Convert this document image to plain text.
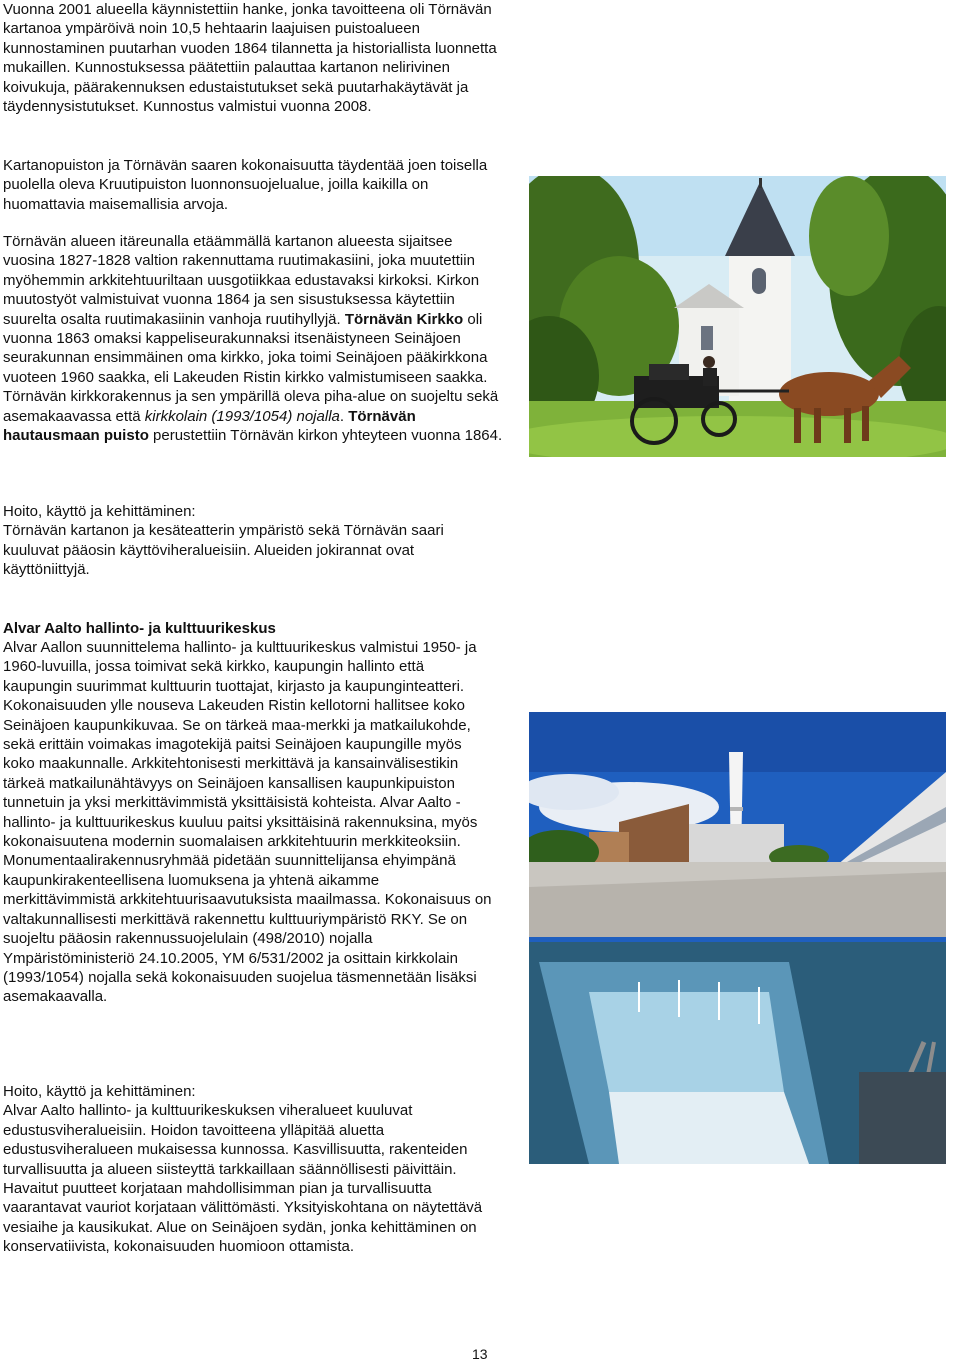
Vuonna 2001 alueella käynnistettiin hanke, jonka tavoitteena oli Törnävän kartanoa ympäröivä noin 10,5 hehtaarin laajuisen puistoalueen kunnostaminen puutarhan vuoden 1864 tilannetta ja historiallista luonnetta mukaillen. Kunnostuksessa päätettiin palauttaa kartanon nelirivinen koivukuja, päärakennuksen edustaistutukset sekä puutarhakäytävät ja täydennysistutukset. Kunnostus valmistui vuonna 2008.

Kartanopuiston ja Törnävän saaren kokonaisuutta täydentää joen toisella puolella oleva Kruutipuiston luonnonsuojelualue, joilla kaikilla on huomattavia maisemallisia arvoja.

Törnävän alueen itäreunalla etäämmällä kartanon alueesta sijaitsee vuosina 1827-1828 valtion rakennuttama ruutimakasiini, joka muutettiin myöhemmin arkkitehtuuriltaan uusgotiikkaa edustavaksi kirkoksi. Kirkon muutostyöt valmistuivat vuonna 1864 ja sen sisustuksessa käytettiin suurelta osalta ruutimakasiinin vanhoja ruutihyllyjä. Törnävän Kirkko oli vuonna 1863 omaksi kappeliseurakunnaksi itsenäistyneen Seinäjoen seurakunnan ensimmäinen oma kirkko, joka toimi Seinäjoen pääkirkkona vuoteen 1960 saakka, eli Lakeuden Ristin kirkko valmistumiseen saakka. Törnävän kirkkorakennus ja sen ympärillä oleva piha-alue on suojeltu sekä asemakaavassa että kirkkolain (1993/1054) nojalla. Törnävän hautausmaan puisto perustettiin Törnävän kirkon yhteyteen vuonna 1864.

Hoito, käyttö ja kehittäminen:
Törnävän kartanon ja kesäteatterin ympäristö sekä Törnävän saari kuuluvat pääosin käyttöviheralueisiin. Alueiden jokirannat ovat käyttöniittyjä.

Alvar Aalto hallinto- ja kulttuurikeskus

Alvar Aallon suunnittelema hallinto- ja kulttuurikeskus valmistui 1950- ja 1960-luvuilla, jossa toimivat sekä kirkko, kaupungin hallinto että kaupungin suurimmat kulttuurin tuottajat, kirjasto ja kaupunginteatteri. Kokonaisuuden ylle nouseva Lakeuden Ristin kellotorni hallitsee koko Seinäjoen kaupunkikuvaa. Se on tärkeä maa-merkki ja matkailukohde, sekä erittäin voimakas imagotekijä paitsi Seinäjoen kaupungille myös koko maakunnalle. Arkkitehtonisesti merkittävä ja kansainvälisestikin tärkeä matkailunähtävyys on Seinäjoen kansallisen kaupunkipuiston tunnetuin ja yksi merkittävimmistä yksittäisistä kohteista. Alvar Aalto -hallinto- ja kulttuurikeskus kuuluu paitsi yksittäisinä rakennuksina, myös kokonaisuutena modernin suomalaisen arkkitehtuurin merkkiteoksiin. Monumentaalirakennusryhmää pidetään suunnittelijansa ehyimpänä kaupunkirakenteellisena luomuksena ja yhtenä aikamme merkittävimmistä arkkitehtuurisaavutuksista maailmassa. Kokonaisuus on valtakunnallisesti merkittävä rakennettu kulttuuriympäristö RKY. Se on suojeltu pääosin rakennussuojelulain (498/2010) nojalla Ympäristöministeriö 24.10.2005, YM 6/531/2002 ja osittain kirkkolain (1993/1054) nojalla sekä kokonaisuuden suojelua täsmennetään lisäksi asemakaavalla.

Hoito, käyttö ja kehittäminen:
Alvar Aalto hallinto- ja kulttuurikeskuksen viheralueet kuuluvat edustusviheralueisiin. Hoidon tavoitteena ylläpitää aluetta edustusviheralueen mukaisessa kunnossa. Kasvillisuutta, rakenteiden turvallisuutta ja alueen siisteyttä tarkkaillaan säännöllisesti päivittäin. Havaitut puutteet korjataan mahdollisimman pian ja turvallisuutta vaarantavat vauriot korjataan välittömästi. Yksityiskohtana on näytettävä vesiaihe ja kausikukat. Alue on Seinäjoen sydän, jonka kehittäminen on konservatiivista, kokonaisuuden huomioon ottamista.

13
